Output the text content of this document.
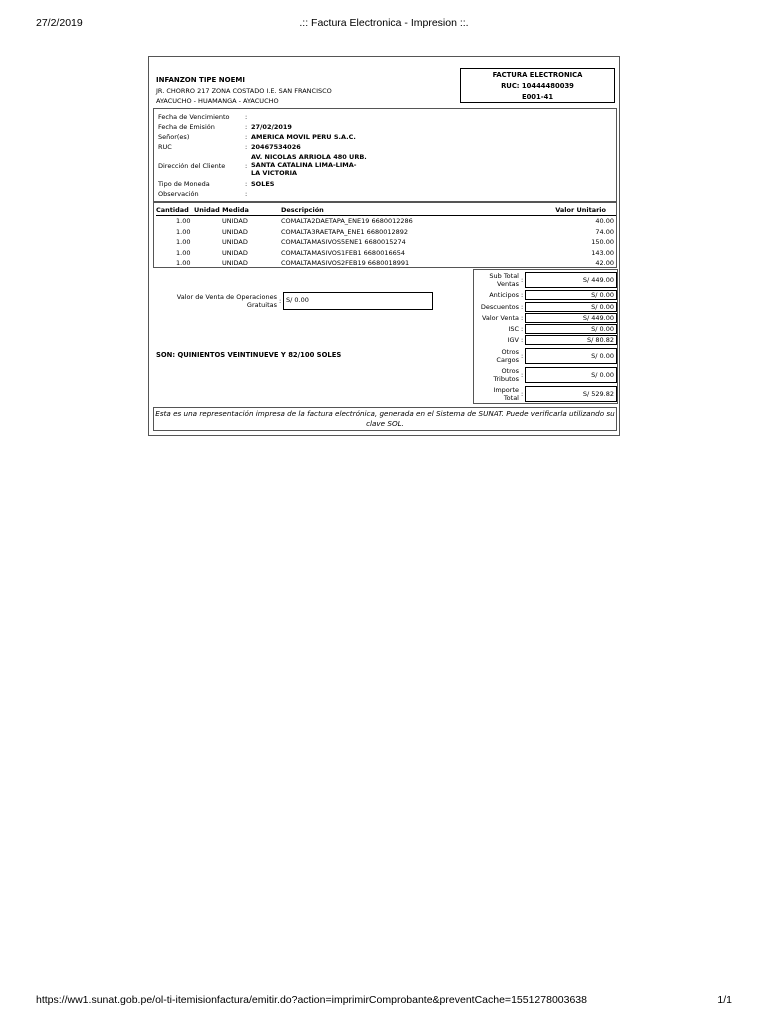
27/2/2019	.:: Factura Electronica - Impresion ::.
INFANZON TIPE NOEMI
JR. CHORRO 217 ZONA COSTADO I.E. SAN FRANCISCO
AYACUCHO - HUAMANGA - AYACUCHO
FACTURA ELECTRONICA
RUC: 10444480039
E001-41
Fecha de Vencimiento	:
Fecha de Emisión	: 27/02/2019
Señor(es)	: AMERICA MOVIL PERU S.A.C.
RUC	: 20467534026
Dirección del Cliente	:
AV. NICOLAS ARRIOLA 480 URB.
SANTA CATALINA LIMA-LIMA-
LA VICTORIA
Tipo de Moneda	: SOLES
Observación	:
Cantidad Unidad Medida	Descripción	Valor Unitario
1.00	UNIDAD	COMALTA2DAETAPA_ENE19 6680012286	40.00
1.00	UNIDAD	COMALTA3RAETAPA_ENE1 6680012892	74.00
1.00	UNIDAD	COMALTAMASIVOS5ENE1 6680015274	150.00
1.00	UNIDAD	COMALTAMASIVOS1FEB1 6680016654	143.00
1.00	UNIDAD	COMALTAMASIVOS2FEB19 6680018991	42.00
Valor de Venta de Operaciones
Gratuitas : S/ 0.00
SON: QUINIENTOS VEINTINUEVE Y 82/100 SOLES
Sub Total
Ventas :	S/ 449.00
Anticipos :	S/ 0.00
Descuentos :	S/ 0.00
Valor Venta :	S/ 449.00
ISC :	S/ 0.00
IGV :	S/ 80.82
Otros
Cargos :	S/ 0.00
Otros
Tributos :	S/ 0.00
Importe
Total :	S/ 529.82
Esta es una representación impresa de la factura electrónica, generada en el Sistema de SUNAT. Puede verificarla utilizando su clave SOL.
https://ww1.sunat.gob.pe/ol-ti-itemisionfactura/emitir.do?action=imprimirComprobante&preventCache=1551278003638	1/1
